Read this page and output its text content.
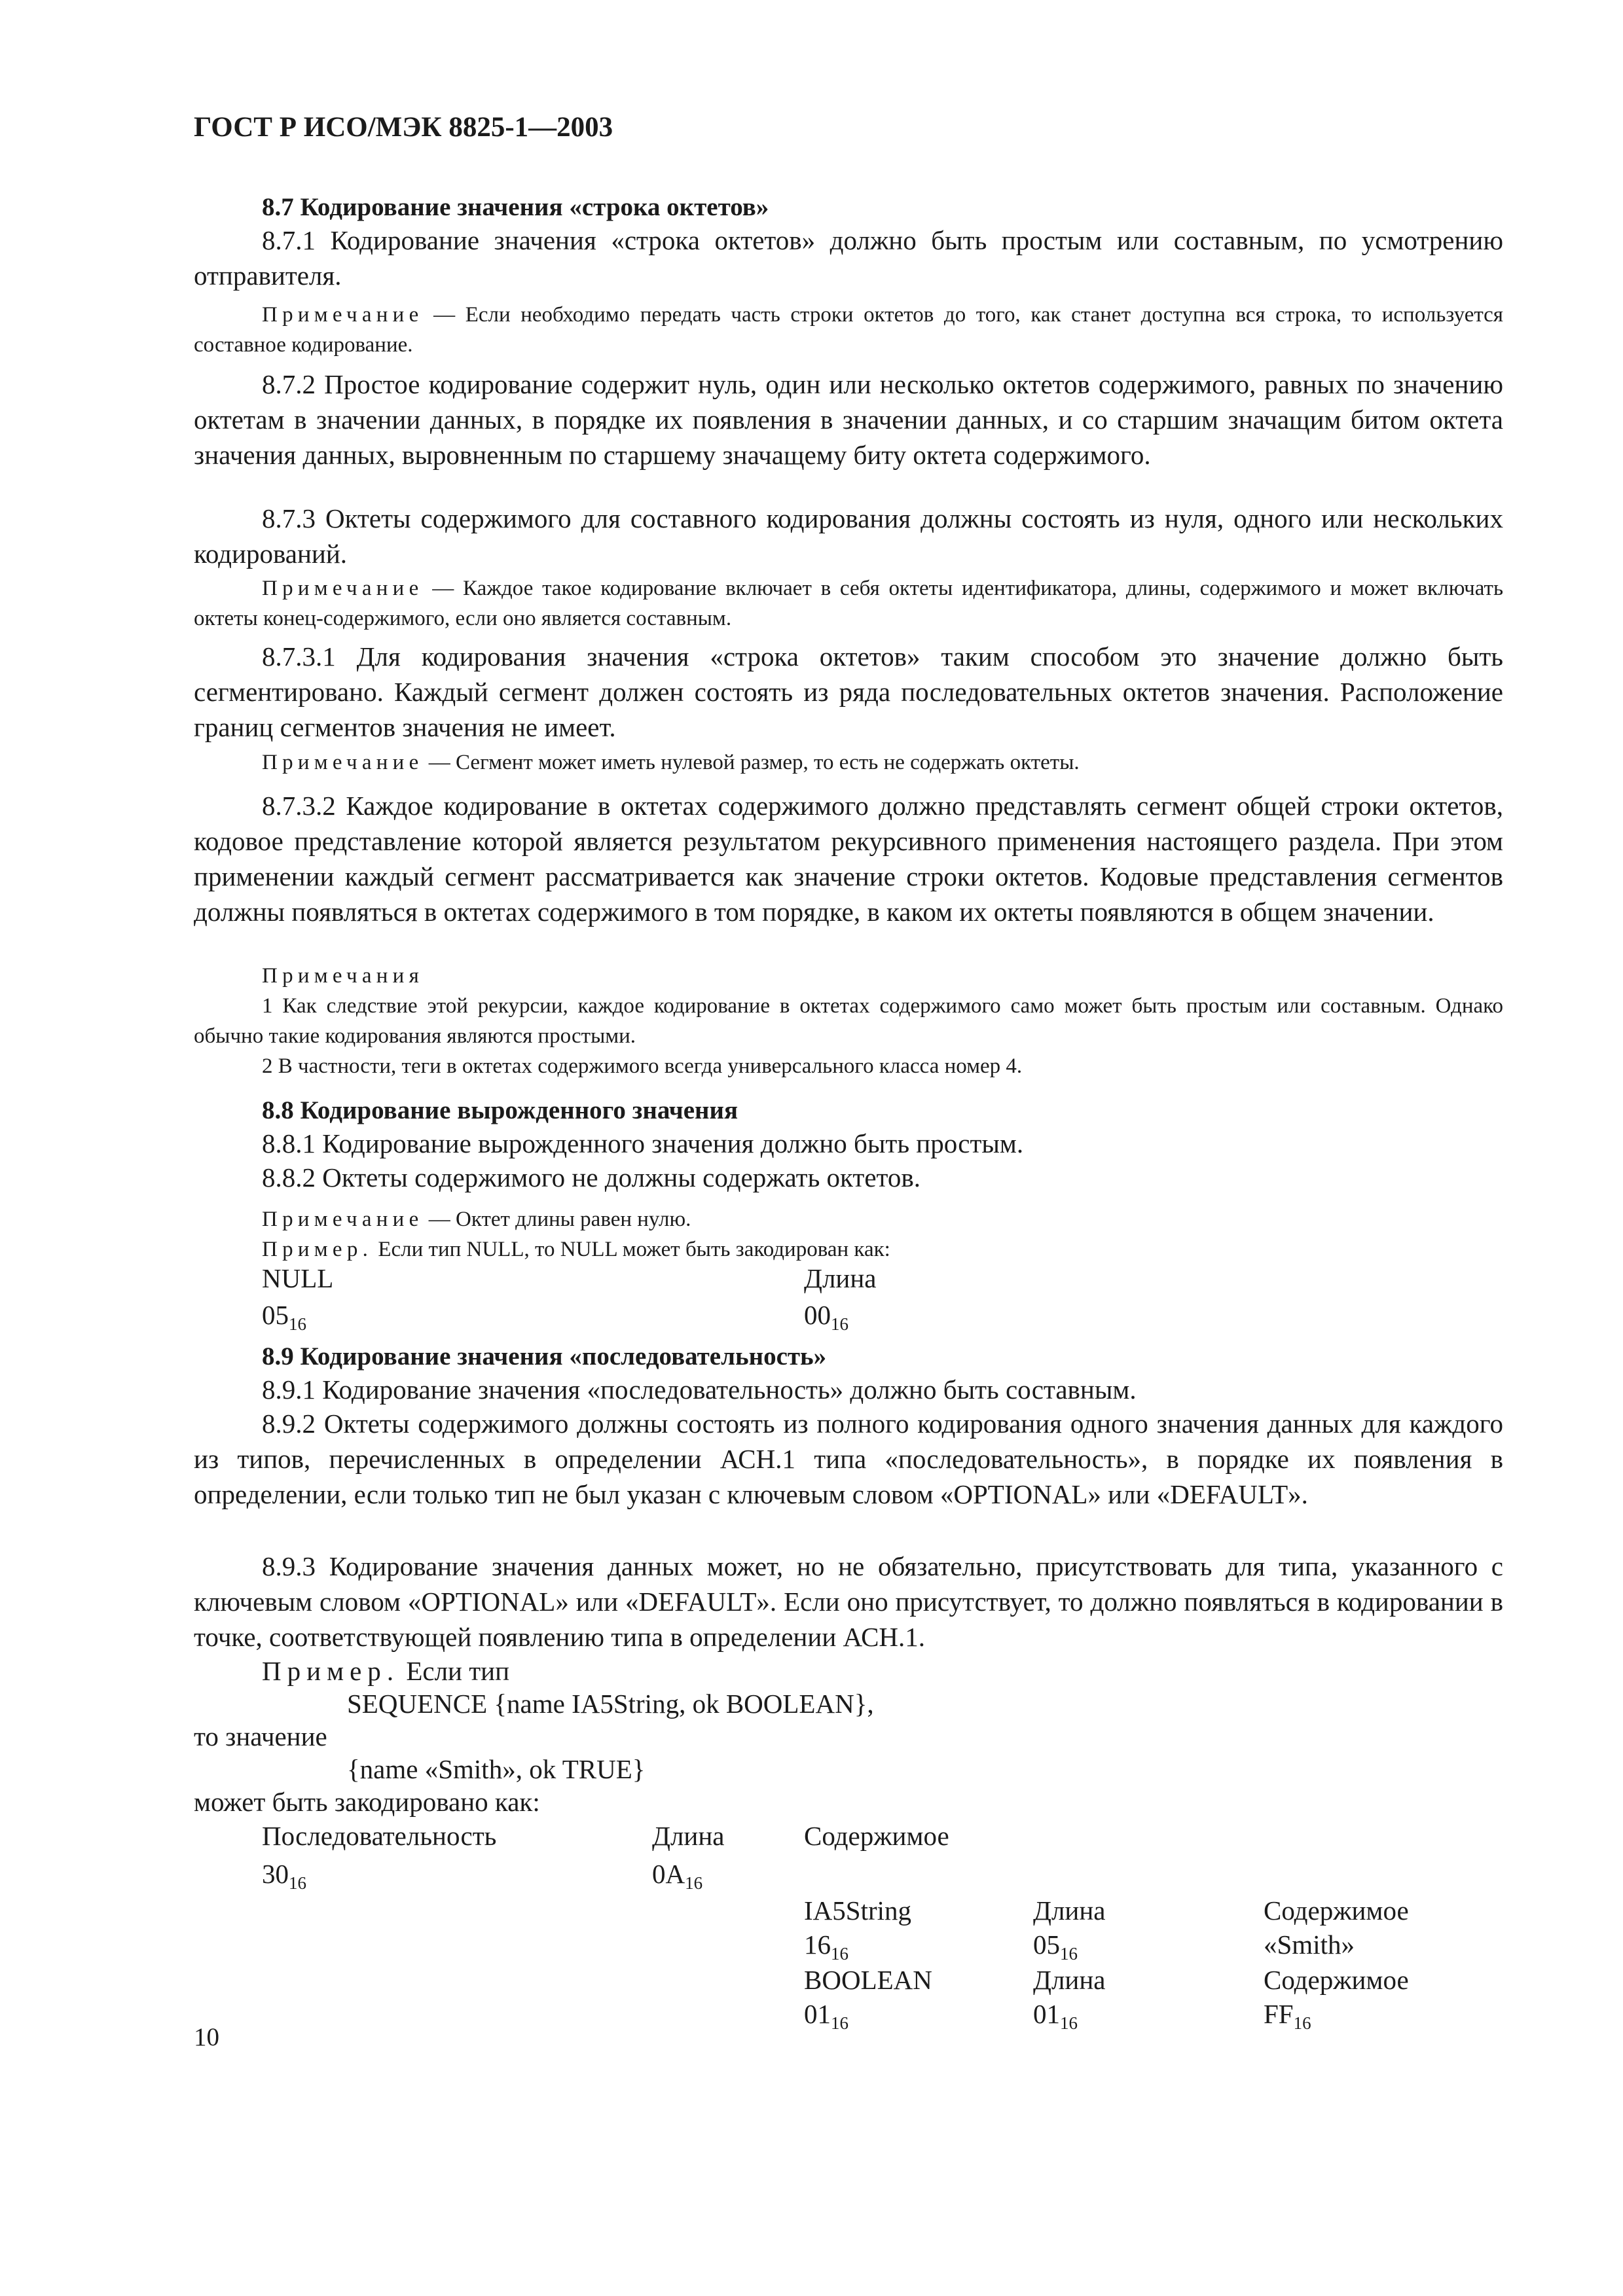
ГОСТ Р ИСО/МЭК 8825-1—2003

8.7 Кодирование значения «строка октетов»

8.7.1 Кодирование значения «строка октетов» должно быть простым или составным, по усмотрению отправителя.

Примечание — Если необходимо передать часть строки октетов до того, как станет доступна вся строка, то используется составное кодирование.

8.7.2 Простое кодирование содержит нуль, один или несколько октетов содержимого, равных по значению октетам в значении данных, в порядке их появления в значении данных, и со старшим значащим битом октета значения данных, выровненным по старшему значащему биту октета содержимого.

8.7.3 Октеты содержимого для составного кодирования должны состоять из нуля, одного или нескольких кодирований.

Примечание — Каждое такое кодирование включает в себя октеты идентификатора, длины, содержимого и может включать октеты конец-содержимого, если оно является составным.

8.7.3.1 Для кодирования значения «строка октетов» таким способом это значение должно быть сегментировано. Каждый сегмент должен состоять из ряда последовательных октетов значения. Расположение границ сегментов значения не имеет.

Примечание — Сегмент может иметь нулевой размер, то есть не содержать октеты.

8.7.3.2 Каждое кодирование в октетах содержимого должно представлять сегмент общей строки октетов, кодовое представление которой является результатом рекурсивного применения настоящего раздела. При этом применении каждый сегмент рассматривается как значение строки октетов. Кодовые представления сегментов должны появляться в октетах содержимого в том порядке, в каком их октеты появляются в общем значении.

Примечания

1 Как следствие этой рекурсии, каждое кодирование в октетах содержимого само может быть простым или составным. Однако обычно такие кодирования являются простыми.

2 В частности, теги в октетах содержимого всегда универсального класса номер 4.

8.8 Кодирование вырожденного значения

8.8.1 Кодирование вырожденного значения должно быть простым.

8.8.2 Октеты содержимого не должны содержать октетов.

Примечание — Октет длины равен нулю.

Пример. Если тип NULL, то NULL может быть закодирован как:

NULL	Длина
$05_{16}$	$00_{16}$

8.9 Кодирование значения «последовательность»

8.9.1 Кодирование значения «последовательность» должно быть составным.

8.9.2 Октеты содержимого должны состоять из полного кодирования одного значения данных для каждого из типов, перечисленных в определении АСН.1 типа «последовательность», в порядке их появления в определении, если только тип не был указан с ключевым словом «OPTIONAL» или «DEFAULT».

8.9.3 Кодирование значения данных может, но не обязательно, присутствовать для типа, указанного с ключевым словом «OPTIONAL» или «DEFAULT». Если оно присутствует, то должно появляться в кодировании в точке, соответствующей появлению типа в определении АСН.1.

Пример. Если тип

SEQUENCE {name IA5String, ok BOOLEAN},
то значение
{name «Smith», ok TRUE}
может быть закодировано как:
Последовательность	Длина	Содержимое
$30_{16}$	$0A_{16}$
IA5String	Длина	Содержимое
$16_{16}$	$05_{16}$	«Smith»
BOOLEAN	Длина	Содержимое
$01_{16}$	$01_{16}$	$FF_{16}$
10
